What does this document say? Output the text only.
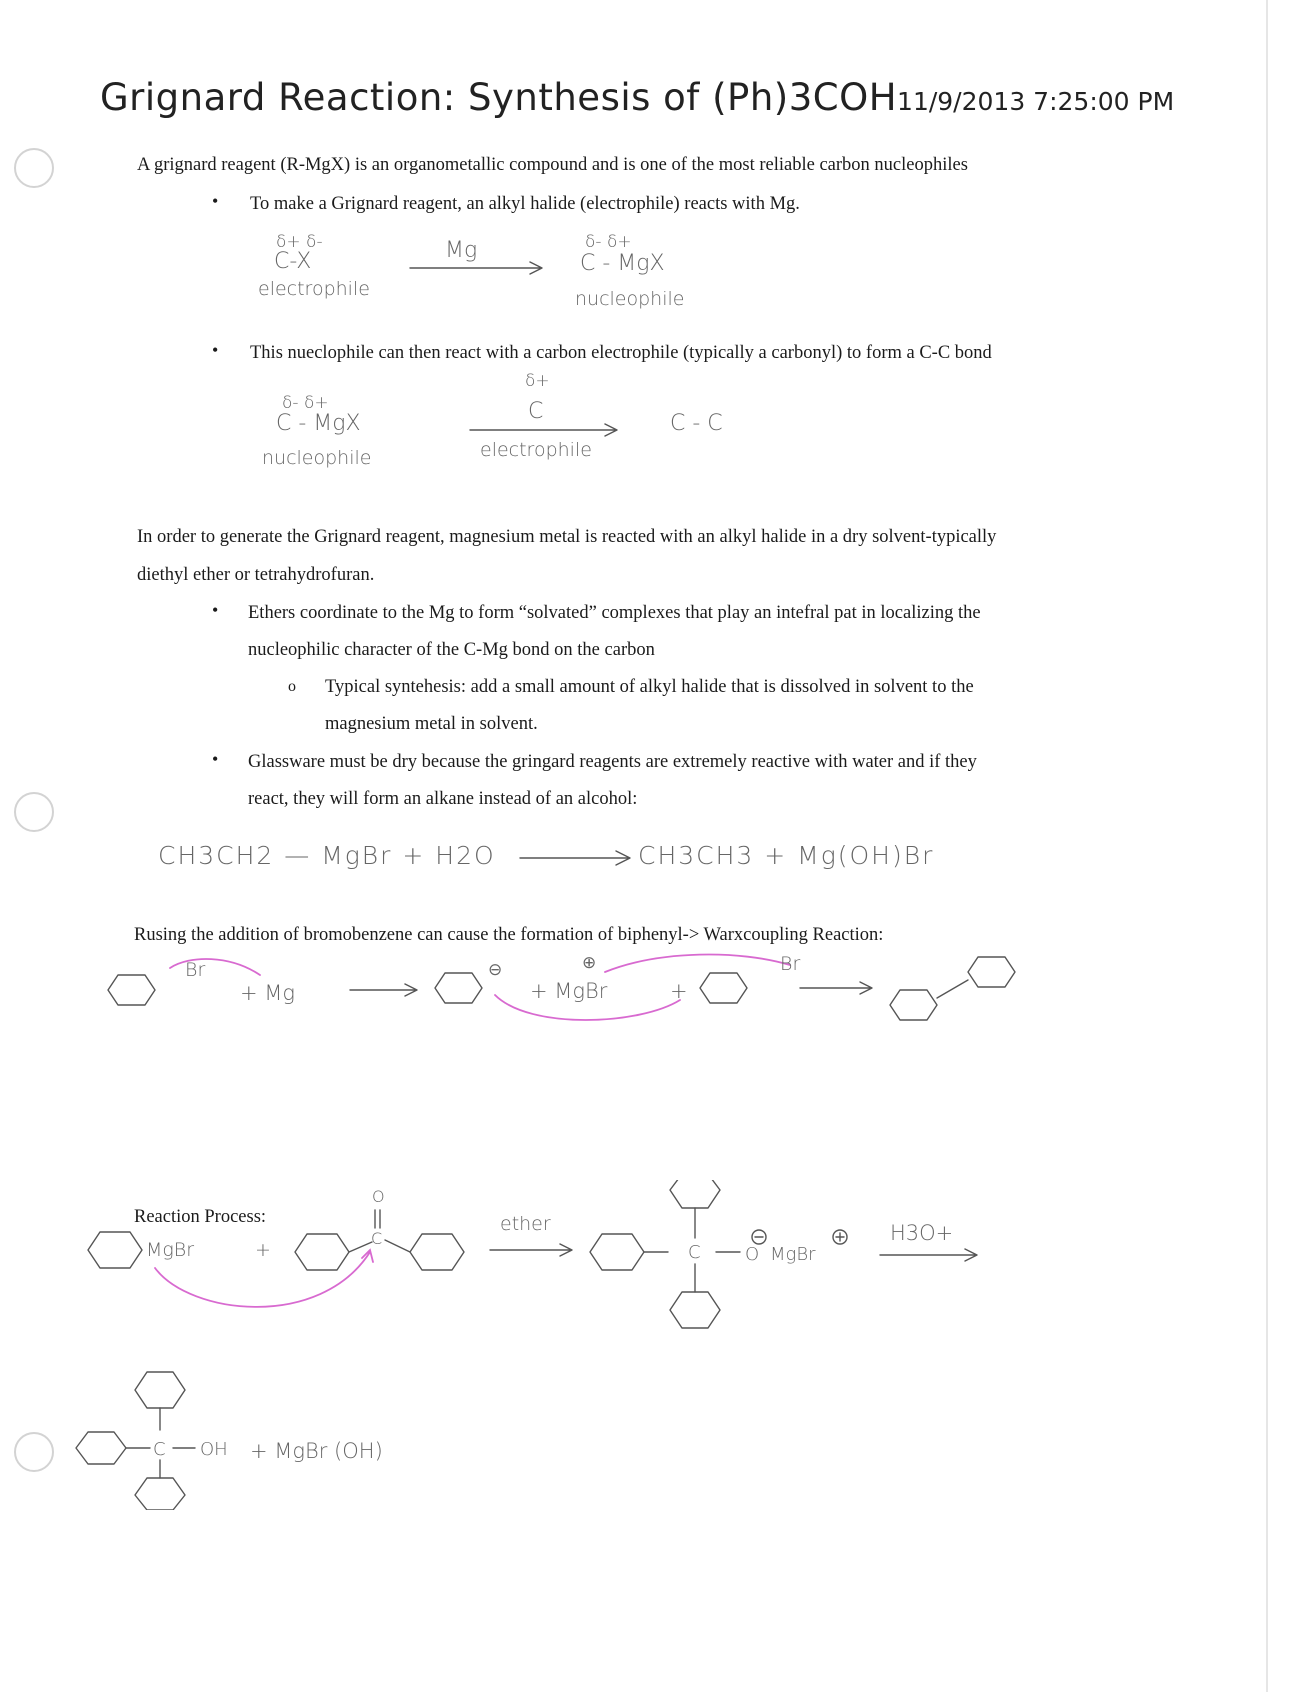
Grignard Reaction: Synthesis of (Ph)3COH11/9/2013 7:25:00 PM
A grignard reagent (R-MgX) is an organometallic compound and is one of the most reliable carbon nucleophiles
• To make a Grignard reagent, an alkyl halide (electrophile) reacts with Mg.
δ+ δ-
C-X
electrophile
Mg	δ- δ+
C - MgX
nucleophile
• This nueclophile can then react with a carbon electrophile (typically a carbonyl) to form a C-C bond
δ- δ+
C - MgX
nucleophile
δ+
C
electrophile
C - C
In order to generate the Grignard reagent, magnesium metal is reacted with an alkyl halide in a dry solvent-typically
diethyl ether or tetrahydrofuran.
• Ethers coordinate to the Mg to form “solvated” complexes that play an intefral pat in localizing the
nucleophilic character of the C-Mg bond on the carbon
o Typical syntehesis: add a small amount of alkyl halide that is dissolved in solvent to the
magnesium metal in solvent.
• Glassware must be dry because the gringard reagents are extremely reactive with water and if they
react, they will form an alkane instead of an alcohol:
CH3CH2 — MgBr + H2O	CH3CH3 + Mg(OH)Br
Rusing the addition of bromobenzene can cause the formation of biphenyl-> Warxcoupling Reaction:
Br
+ Mg
⊖	⊕
+ MgBr	+
Br
Reaction Process:
MgBr	+
O
C
ether
C O MgBr
H3O+
C OH + MgBr (OH)
